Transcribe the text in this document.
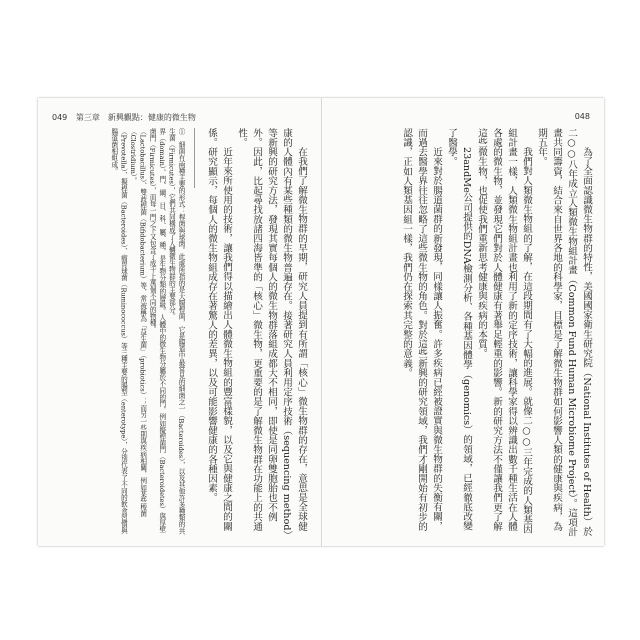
049 第三章　新興觀點：健康的微生物

在我們了解微生物群的早期，研究人員提到有所謂「核心」微生物群的存在，意思是全球健康的人體內有某些種類的微生物普遍存在。接著研究人員利用定序技術（sequencing method）等新興的研究方法，發現其實每個人的微生物群落組成都大不相同，即使是同卵雙胞胎也不例外。因此，比起尋找放諸四海皆準的「核心」微生物，更重要的是了解微生物群在功能上的共通性。

近年來所使用的技術，讓我們得以描繪出人體微生物組的豐富樣貌，以及它與健康之間的關係。研究顯示，每個人的微生物組成存在著驚人的差異，以及可能影響健康的各種因素。

①　細菌有兩種主要的形式：桿菌與球菌。此處所指的是大腸桿菌，它是腸道中最常見的細菌之一（Bacteroides），以及其他許多種類的共生菌（Firmicutes），它們共同構成了人體微生物群的主要部分。

界（domain）、門、綱、目、科、屬、種，是生物分類的層級。人體中的微生物分屬於不同的門，例如擬桿菌門（Bacteroidetes）與厚壁菌門（Firmicutes），而每一門之下又包含了成千上萬個不同的物種。

（Lactobacillus）、雙歧桿菌（Bifidobacterium）等，常被稱為「益生菌」（probiotics）；而另一些則與疾病相關，例如某些梭菌（Clostridium）。

（Prevotella）、擬桿菌（Bacteroides）、瘤胃球菌（Ruminococcus）等三種主要的腸型（enterotype），分別代表了不同的飲食習慣與腸道菌相組成。

048

為了全面認識微生物群的特性，美國國家衛生研究院（National Institutes of Health）於二○○八年成立人類微生物組計畫（Common Fund Human Microbiome Project）。這項計畫共同籌資，結合來自世界各地的科學家，目標是了解微生物群如何影響人類的健康與疾病，為期五年。

我們對人類微生物組的了解，在這段期間有了大幅的進展。就像二○○三年完成的人類基因組計畫一樣，人類微生物組計畫也利用了新的定序技術，讓科學家得以辨識出數千種生活在人體各處的微生物，並發現它們對於人體健康有著舉足輕重的影響。新的研究方法不僅讓我們更了解這些微生物，也促使我們重新思考健康與疾病的本質。

23andMe公司提供的DNA檢測分析、各種基因體學（genomics）的領域，已經徹底改變了醫學。

近來對於腸道菌群的新發現，同樣讓人振奮。許多疾病已經被證實與微生物群的失衡有關，而過去醫學界往往忽略了這些微生物的角色。對於這些新興的研究領域，我們才剛開始有初步的認識，正如人類基因組一樣，我們仍在探索其完整的意義。
